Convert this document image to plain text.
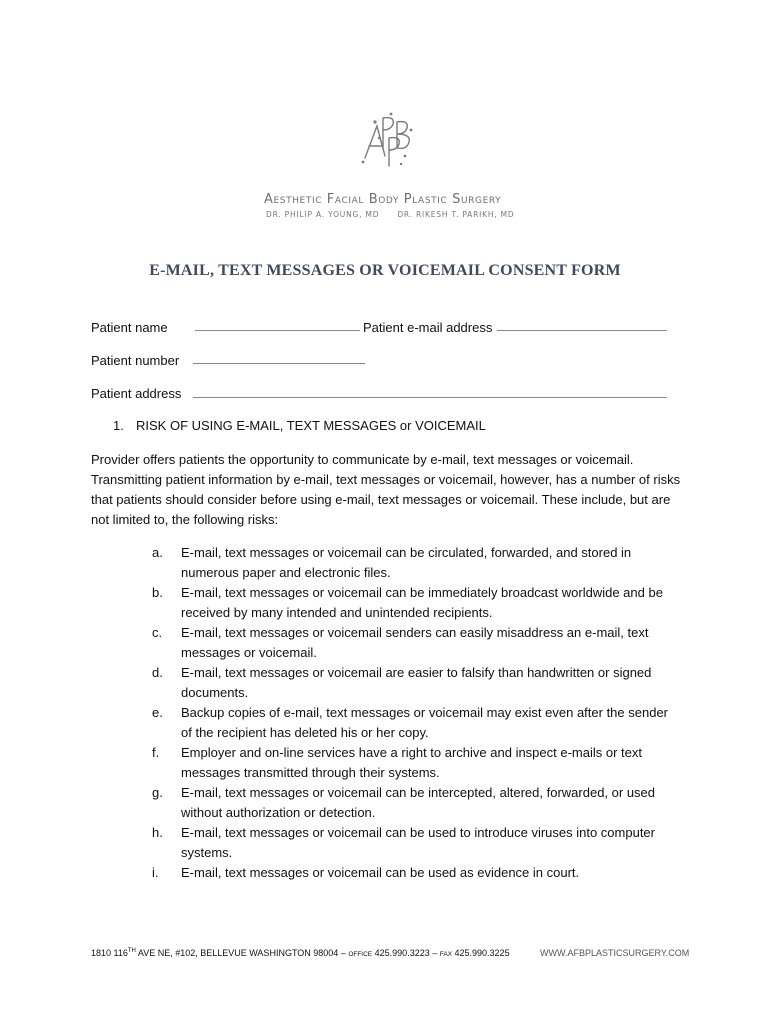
Aesthetic Facial Body Plastic Surgery
DR. PHILIP A. YOUNG, MD DR. RIKESH T. PARIKH, MD
E-MAIL, TEXT MESSAGES OR VOICEMAIL CONSENT FORM
Patient name	Patient e-mail address
Patient number
Patient address
1. RISK OF USING E-MAIL, TEXT MESSAGES or VOICEMAIL

Provider offers patients the opportunity to communicate by e-mail, text messages or voicemail. Transmitting patient information by e-mail, text messages or voicemail, however, has a number of risks that patients should consider before using e-mail, text messages or voicemail. These include, but are not limited to, the following risks:

a.	E-mail, text messages or voicemail can be circulated, forwarded, and stored in numerous paper and electronic files.
b.	E-mail, text messages or voicemail can be immediately broadcast worldwide and be received by many intended and unintended recipients.
c.	E-mail, text messages or voicemail senders can easily misaddress an e-mail, text messages or voicemail.
d.	E-mail, text messages or voicemail are easier to falsify than handwritten or signed documents.
e.	Backup copies of e-mail, text messages or voicemail may exist even after the sender of the recipient has deleted his or her copy.
f.	Employer and on-line services have a right to archive and inspect e-mails or text messages transmitted through their systems.
g.	E-mail, text messages or voicemail can be intercepted, altered, forwarded, or used without authorization or detection.
h.	E-mail, text messages or voicemail can be used to introduce viruses into computer systems.
i.	E-mail, text messages or voicemail can be used as evidence in court.
1810 116TH AVE NE, #102, BELLEVUE WASHINGTON 98004 – OFFICE 425.990.3223 – FAX 425.990.3225	WWW.AFBPLASTICSURGERY.COM
